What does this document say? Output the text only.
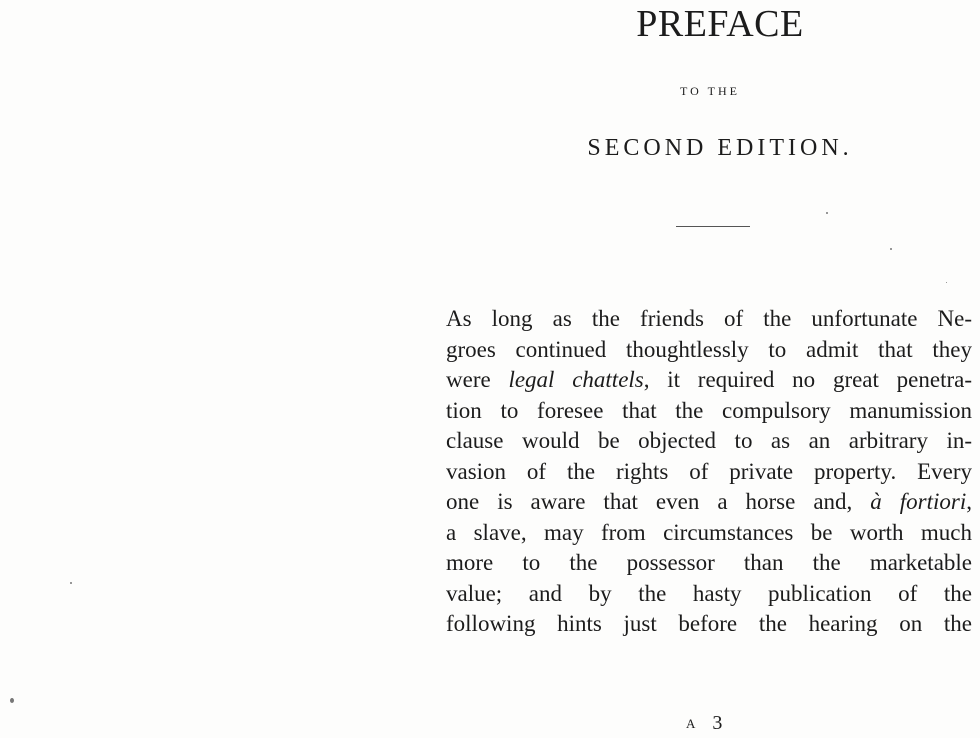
PREFACE

TO THE

SECOND EDITION.

As long as the friends of the unfortunate Ne-
groes continued thoughtlessly to admit that they
were legal chattels, it required no great penetra-
tion to foresee that the compulsory manumission
clause would be objected to as an arbitrary in-
vasion of the rights of private property. Every
one is aware that even a horse and, à fortiori,
a slave, may from circumstances be worth much
more to the possessor than the marketable
value; and by the hasty publication of the
following hints just before the hearing on the
A 3
